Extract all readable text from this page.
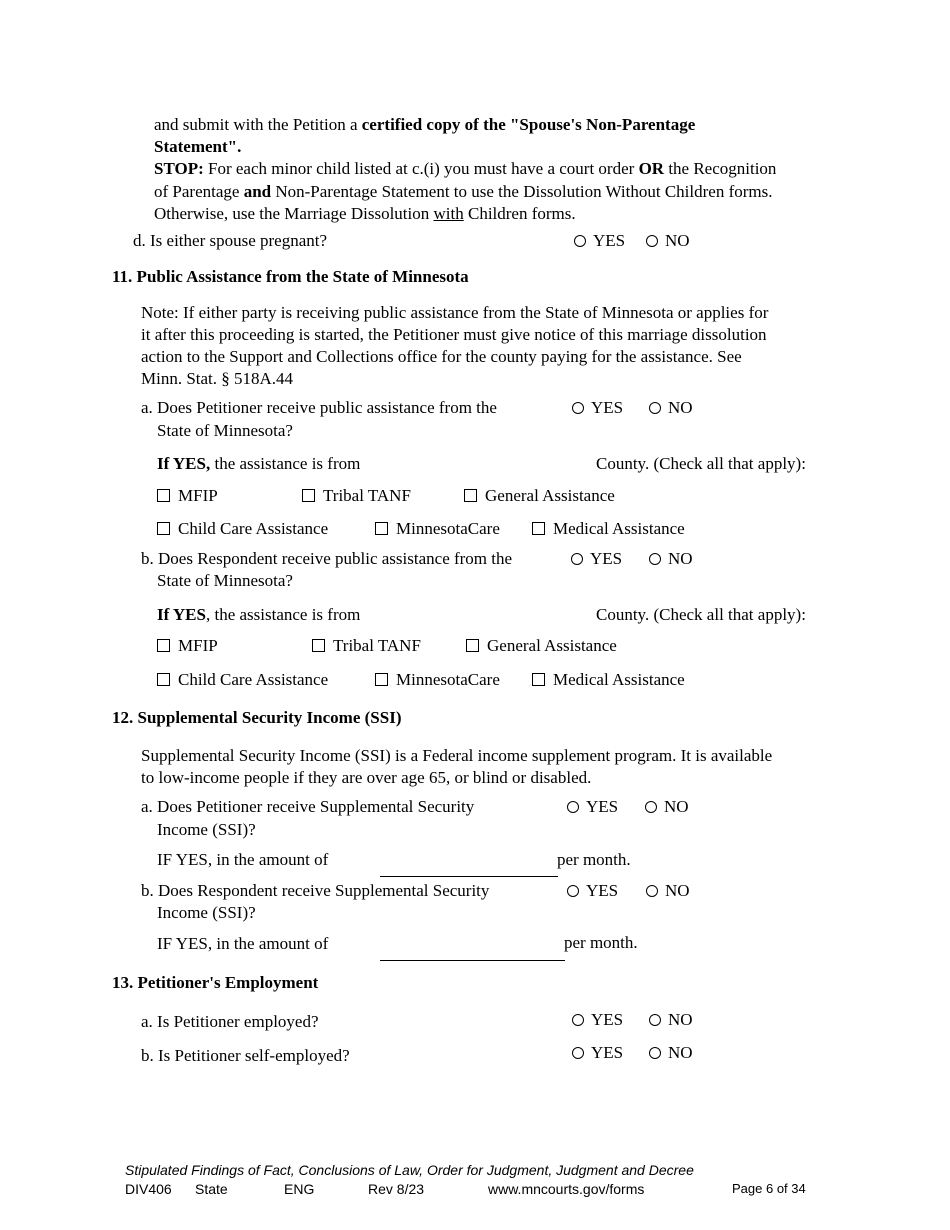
and submit with the Petition a certified copy of the "Spouse's Non-Parentage
Statement".
STOP: For each minor child listed at c.(i) you must have a court order OR the Recognition
of Parentage and Non-Parentage Statement to use the Dissolution Without Children forms.
Otherwise, use the Marriage Dissolution with Children forms.
d. Is either spouse pregnant?	YES	NO
11. Public Assistance from the State of Minnesota
Note: If either party is receiving public assistance from the State of Minnesota or applies for
it after this proceeding is started, the Petitioner must give notice of this marriage dissolution
action to the Support and Collections office for the county paying for the assistance. See
Minn. Stat. § 518A.44
a. Does Petitioner receive public assistance from the
State of Minnesota?
YES	NO
If YES, the assistance is from	County. (Check all that apply):
MFIP	Tribal TANF	General Assistance
Child Care Assistance	MinnesotaCare	Medical Assistance
b. Does Respondent receive public assistance from the
State of Minnesota?
YES	NO
If YES, the assistance is from	County. (Check all that apply):
MFIP	Tribal TANF	General Assistance
Child Care Assistance	MinnesotaCare	Medical Assistance
12. Supplemental Security Income (SSI)
Supplemental Security Income (SSI) is a Federal income supplement program. It is available
to low-income people if they are over age 65, or blind or disabled.
a. Does Petitioner receive Supplemental Security
Income (SSI)?
YES	NO
IF YES, in the amount of	per month.
b. Does Respondent receive Supplemental Security
Income (SSI)?
YES	NO
IF YES, in the amount of	per month.
13. Petitioner's Employment
a. Is Petitioner employed?	YES	NO
b. Is Petitioner self-employed?	YES	NO
Stipulated Findings of Fact, Conclusions of Law, Order for Judgment, Judgment and Decree
DIV406 State	ENG	Rev 8/23	www.mncourts.gov/forms	Page 6 of 34
